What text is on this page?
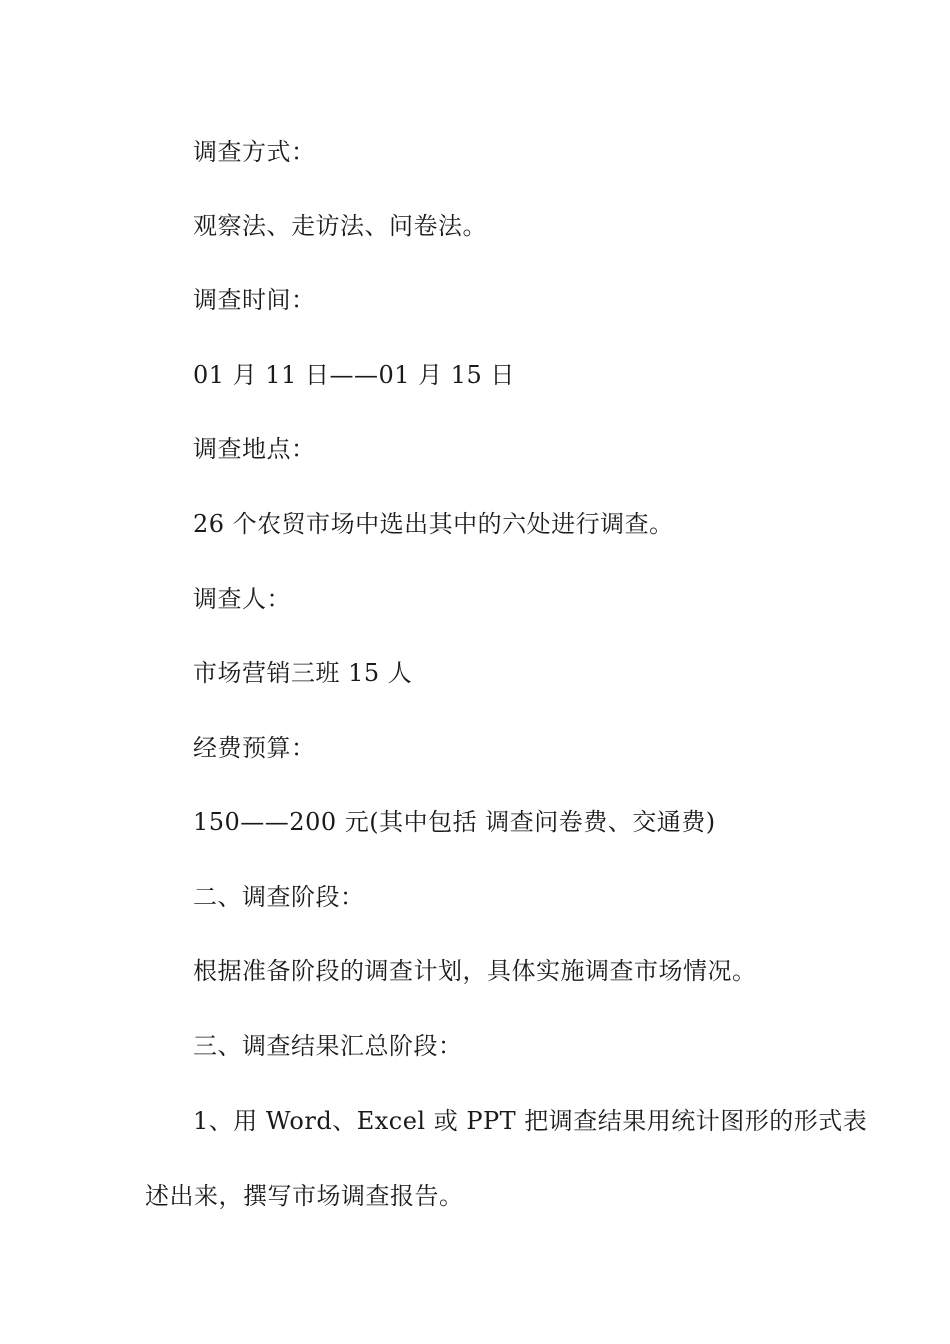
调查方式：
观察法、走访法、问卷法。
调查时间：
01 月 11 日——01 月 15 日
调查地点：
26 个农贸市场中选出其中的六处进行调查。
调查人：
市场营销三班 15 人
经费预算：
150——200 元(其中包括 调查问卷费、交通费)
二、调查阶段：
根据准备阶段的调查计划，具体实施调查市场情况。
三、调查结果汇总阶段：
1、用 Word、Excel 或 PPT 把调查结果用统计图形的形式表
述出来，撰写市场调查报告。
